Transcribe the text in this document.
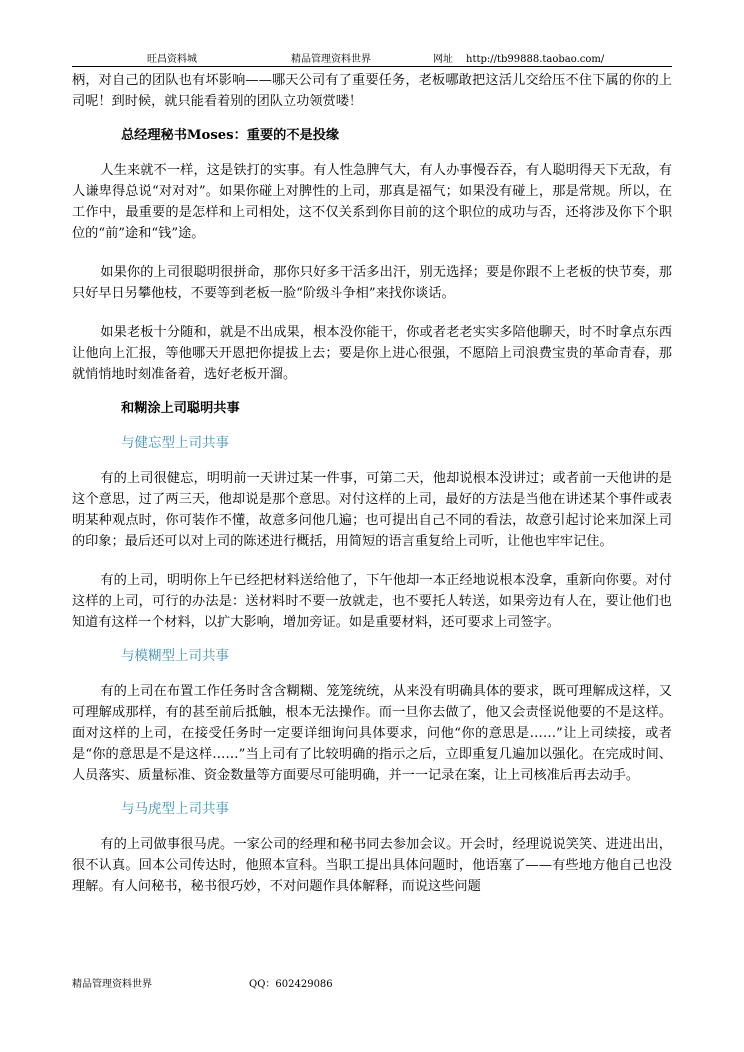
旺昌资料城	精品管理资料世界	网址 http://tb99888.taobao.com/

柄，对自己的团队也有坏影响——哪天公司有了重要任务，老板哪敢把这活儿交给压不住下属的你的上司呢！到时候，就只能看着别的团队立功领赏喽！

总经理秘书Moses：重要的不是投缘

人生来就不一样，这是铁打的实事。有人性急脾气大，有人办事慢吞吞，有人聪明得天下无敌，有人谦卑得总说“对对对”。如果你碰上对脾性的上司，那真是福气；如果没有碰上，那是常规。所以，在工作中，最重要的是怎样和上司相处，这不仅关系到你目前的这个职位的成功与否，还将涉及你下个职位的“前”途和“钱”途。

如果你的上司很聪明很拼命，那你只好多干活多出汗，别无选择；要是你跟不上老板的快节奏，那只好早日另攀他枝，不要等到老板一脸“阶级斗争相”来找你谈话。

如果老板十分随和，就是不出成果，根本没你能干，你或者老老实实多陪他聊天，时不时拿点东西让他向上汇报，等他哪天开恩把你提拔上去；要是你上进心很强，不愿陪上司浪费宝贵的革命青春，那就悄悄地时刻准备着，选好老板开溜。

和糊涂上司聪明共事

与健忘型上司共事

有的上司很健忘，明明前一天讲过某一件事，可第二天，他却说根本没讲过；或者前一天他讲的是这个意思，过了两三天，他却说是那个意思。对付这样的上司，最好的方法是当他在讲述某个事件或表明某种观点时，你可装作不懂，故意多问他几遍；也可提出自己不同的看法，故意引起讨论来加深上司的印象；最后还可以对上司的陈述进行概括，用简短的语言重复给上司听，让他也牢牢记住。

有的上司，明明你上午已经把材料送给他了，下午他却一本正经地说根本没拿，重新向你要。对付这样的上司，可行的办法是：送材料时不要一放就走，也不要托人转送，如果旁边有人在，要让他们也知道有这样一个材料，以扩大影响，增加旁证。如是重要材料，还可要求上司签字。

与模糊型上司共事

有的上司在布置工作任务时含含糊糊、笼笼统统，从来没有明确具体的要求，既可理解成这样，又可理解成那样，有的甚至前后抵触，根本无法操作。而一旦你去做了，他又会责怪说他要的不是这样。面对这样的上司，在接受任务时一定要详细询问具体要求，问他“你的意思是……”让上司续接，或者是“你的意思是不是这样……”当上司有了比较明确的指示之后，立即重复几遍加以强化。在完成时间、人员落实、质量标准、资金数量等方面要尽可能明确，并一一记录在案，让上司核准后再去动手。

与马虎型上司共事

有的上司做事很马虎。一家公司的经理和秘书同去参加会议。开会时，经理说说笑笑、进进出出，很不认真。回本公司传达时，他照本宣科。当职工提出具体问题时，他语塞了——有些地方他自己也没理解。有人问秘书，秘书很巧妙，不对问题作具体解释，而说这些问题

精品管理资料世界	QQ：602429086
